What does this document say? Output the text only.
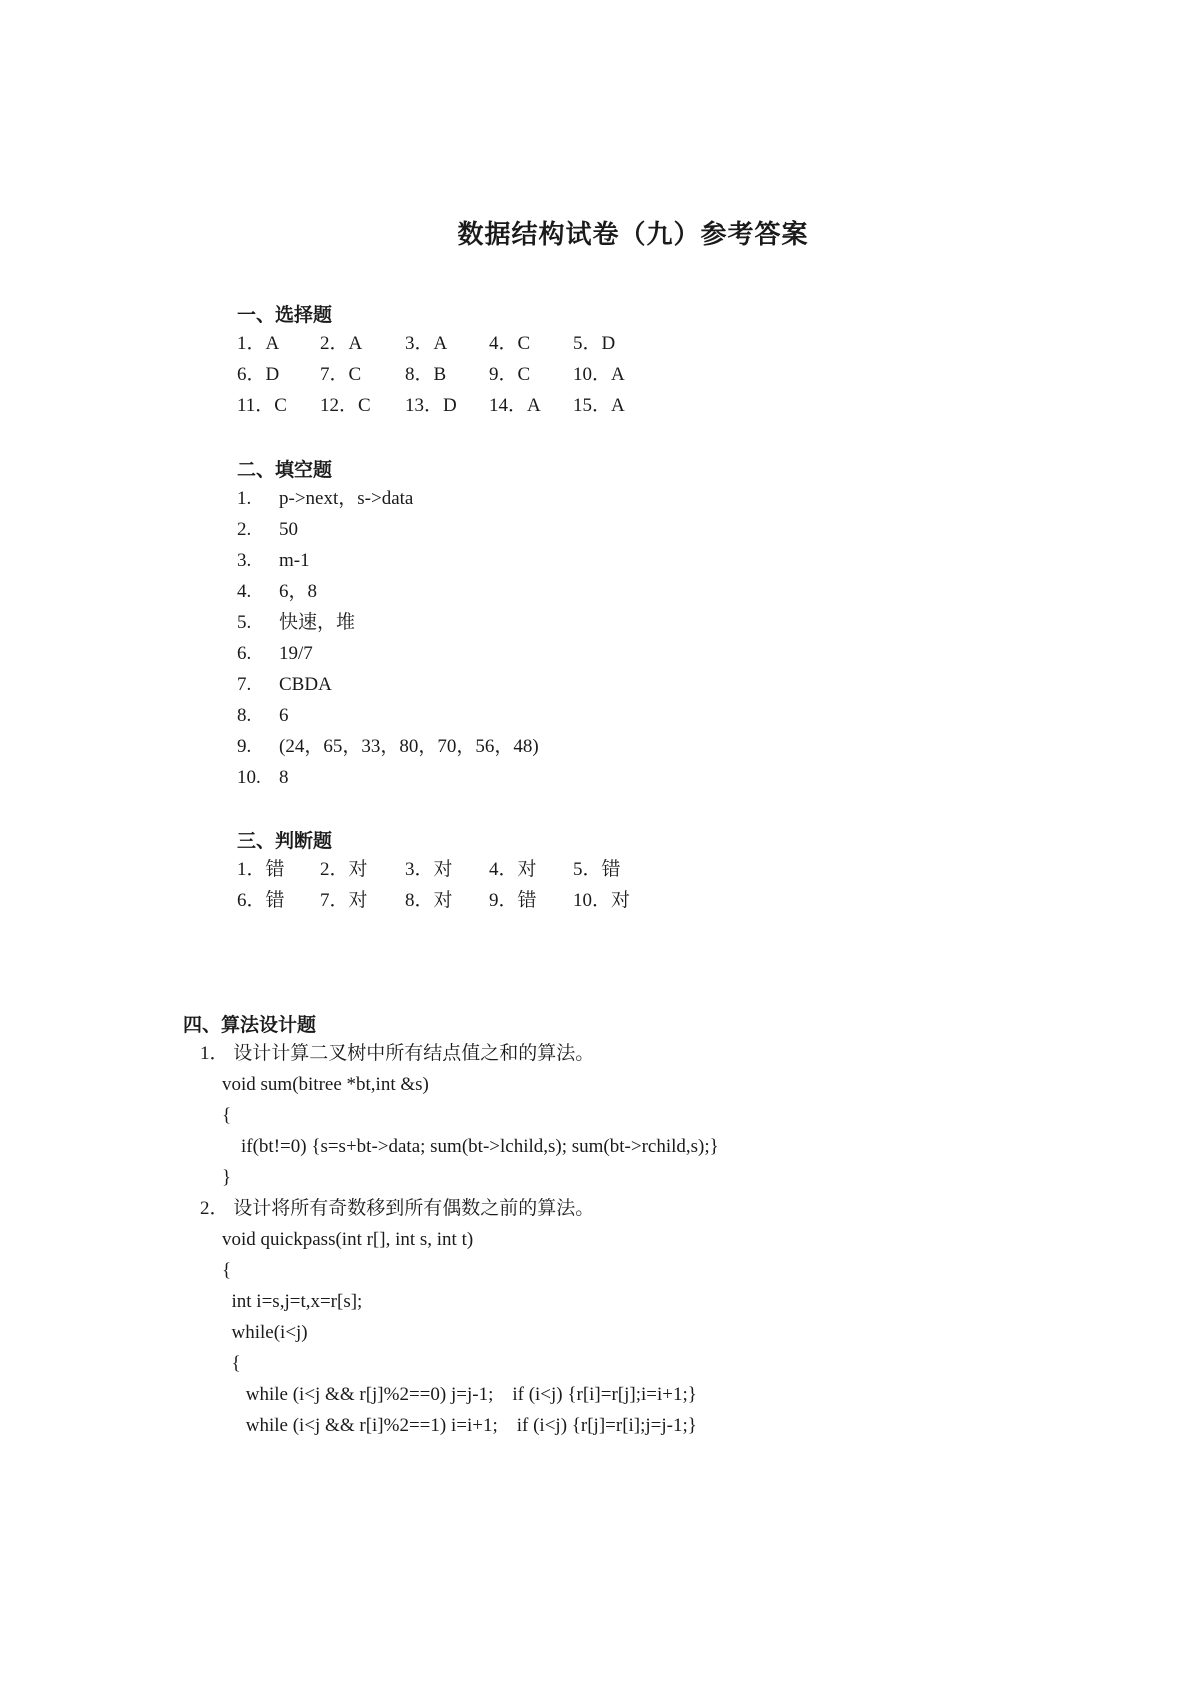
数据结构试卷（九）参考答案
一、选择题
1．A 2．A 3．A 4．C 5．D
6．D 7．C 8．B 9．C 10．A
11．C 12．C 13．D 14．A 15．A
二、填空题
1. p->next，s->data
2. 50
3. m-1
4. 6，8
5. 快速，堆
6. 19/7
7. CBDA
8. 6
9. (24，65，33，80，70，56，48)
10. 8
三、判断题
1．错 2．对 3．对 4．对 5．错
6．错 7．对 8．对 9．错 10．对
四、算法设计题
1． 设计计算二叉树中所有结点值之和的算法。
void sum(bitree *bt,int &s)
{
if(bt!=0) {s=s+bt->data; sum(bt->lchild,s); sum(bt->rchild,s);}
}
2． 设计将所有奇数移到所有偶数之前的算法。
void quickpass(int r[], int s, int t)
{
int i=s,j=t,x=r[s];
while(i<j)
{
while (i<j && r[j]%2==0) j=j-1;    if (i<j) {r[i]=r[j];i=i+1;}
while (i<j && r[i]%2==1) i=i+1;    if (i<j) {r[j]=r[i];j=j-1;}
